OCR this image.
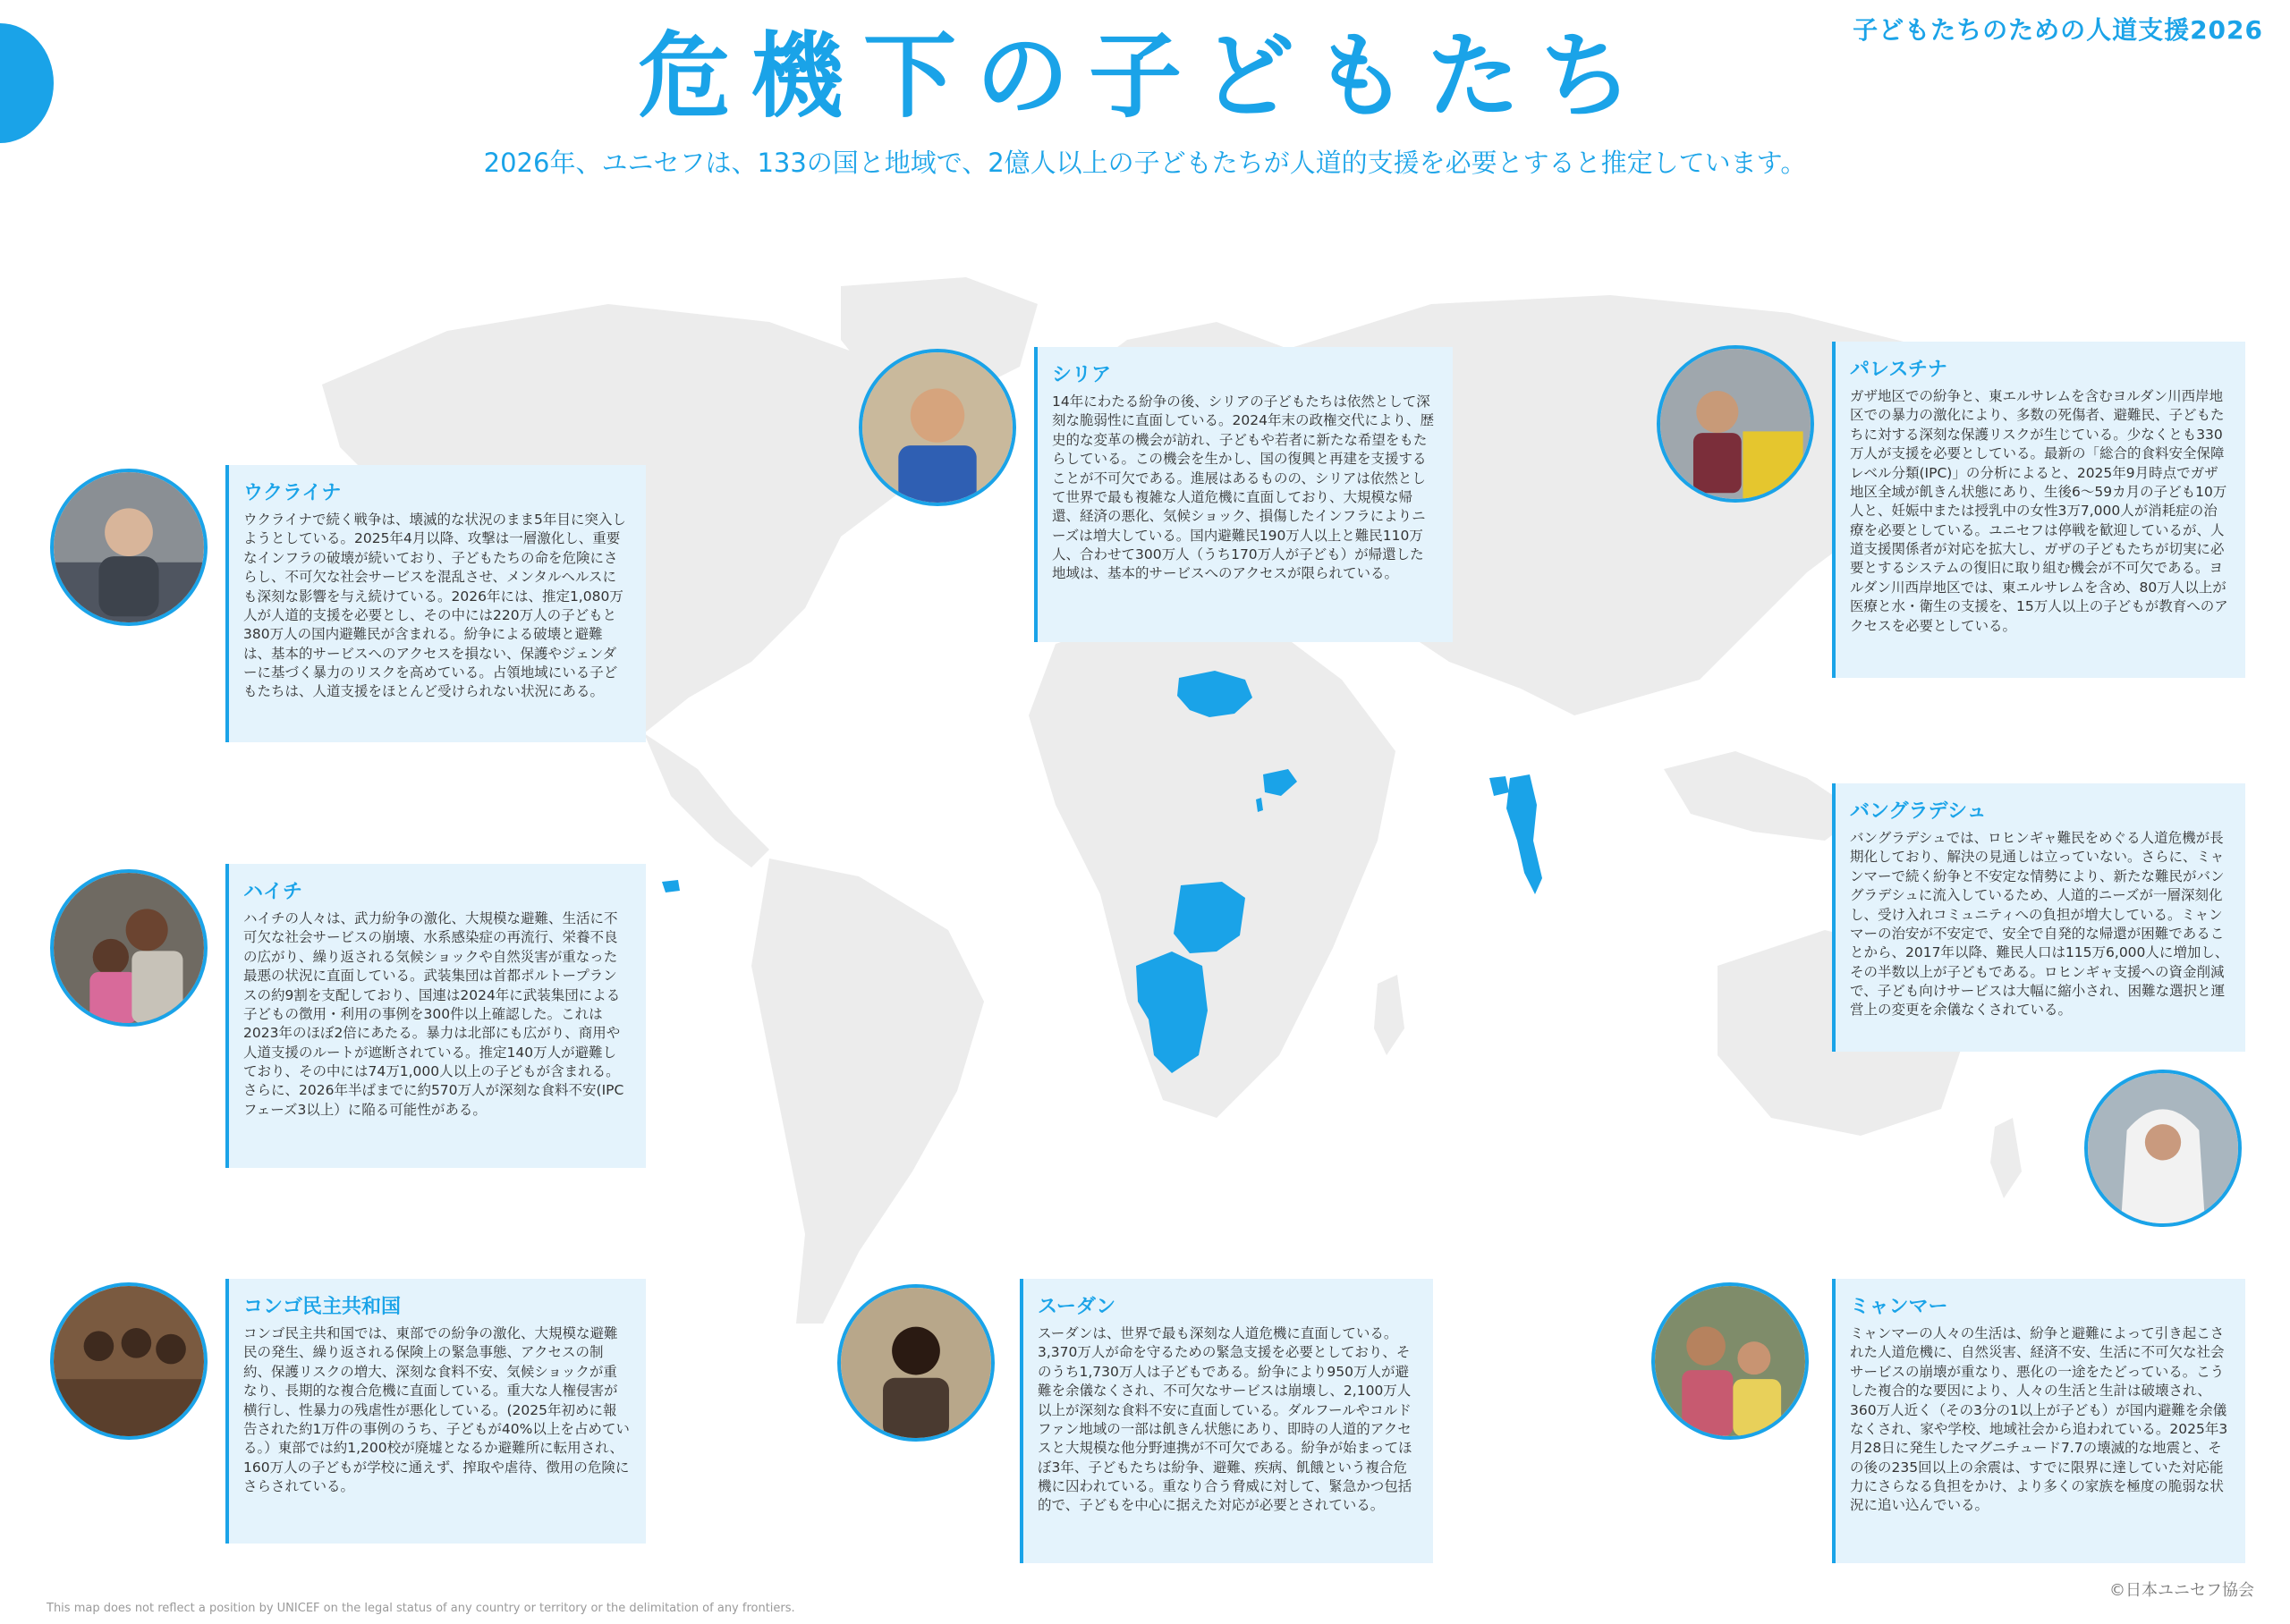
子どもたちのための人道支援2026
危機下の子どもたち
2026年、ユニセフは、133の国と地域で、2億人以上の子どもたちが人道的支援を必要とすると推定しています。
ウクライナ
ウクライナで続く戦争は、壊滅的な状況のまま5年目に突入しようとしている。2025年4月以降、攻撃は一層激化し、重要なインフラの破壊が続いており、子どもたちの命を危険にさらし、不可欠な社会サービスを混乱させ、メンタルヘルスにも深刻な影響を与え続けている。2026年には、推定1,080万人が人道的支援を必要とし、その中には220万人の子どもと380万人の国内避難民が含まれる。紛争による破壊と避難は、基本的サービスへのアクセスを損ない、保護やジェンダーに基づく暴力のリスクを高めている。占領地域にいる子どもたちは、人道支援をほとんど受けられない状況にある。
シリア
14年にわたる紛争の後、シリアの子どもたちは依然として深刻な脆弱性に直面している。2024年末の政権交代により、歴史的な変革の機会が訪れ、子どもや若者に新たな希望をもたらしている。この機会を生かし、国の復興と再建を支援することが不可欠である。進展はあるものの、シリアは依然として世界で最も複雑な人道危機に直面しており、大規模な帰還、経済の悪化、気候ショック、損傷したインフラによりニーズは増大している。国内避難民190万人以上と難民110万人、合わせて300万人（うち170万人が子ども）が帰還した地域は、基本的サービスへのアクセスが限られている。
パレスチナ
ガザ地区での紛争と、東エルサレムを含むヨルダン川西岸地区での暴力の激化により、多数の死傷者、避難民、子どもたちに対する深刻な保護リスクが生じている。少なくとも330万人が支援を必要としている。最新の「総合的食料安全保障レベル分類(IPC)」の分析によると、2025年9月時点でガザ地区全域が飢きん状態にあり、生後6～59カ月の子ども10万人と、妊娠中または授乳中の女性3万7,000人が消耗症の治療を必要としている。ユニセフは停戦を歓迎しているが、人道支援関係者が対応を拡大し、ガザの子どもたちが切実に必要とするシステムの復旧に取り組む機会が不可欠である。ヨルダン川西岸地区では、東エルサレムを含め、80万人以上が医療と水・衛生の支援を、15万人以上の子どもが教育へのアクセスを必要としている。
ハイチ
ハイチの人々は、武力紛争の激化、大規模な避難、生活に不可欠な社会サービスの崩壊、水系感染症の再流行、栄養不良の広がり、繰り返される気候ショックや自然災害が重なった最悪の状況に直面している。武装集団は首都ポルトープランスの約9割を支配しており、国連は2024年に武装集団による子どもの徴用・利用の事例を300件以上確認した。これは2023年のほぼ2倍にあたる。暴力は北部にも広がり、商用や人道支援のルートが遮断されている。推定140万人が避難しており、その中には74万1,000人以上の子どもが含まれる。さらに、2026年半ばまでに約570万人が深刻な食料不安(IPCフェーズ3以上）に陥る可能性がある。
バングラデシュ
バングラデシュでは、ロヒンギャ難民をめぐる人道危機が長期化しており、解決の見通しは立っていない。さらに、ミャンマーで続く紛争と不安定な情勢により、新たな難民がバングラデシュに流入しているため、人道的ニーズが一層深刻化し、受け入れコミュニティへの負担が増大している。ミャンマーの治安が不安定で、安全で自発的な帰還が困難であることから、2017年以降、難民人口は115万6,000人に増加し、その半数以上が子どもである。ロヒンギャ支援への資金削減で、子ども向けサービスは大幅に縮小され、困難な選択と運営上の変更を余儀なくされている。
コンゴ民主共和国
コンゴ民主共和国では、東部での紛争の激化、大規模な避難民の発生、繰り返される保険上の緊急事態、アクセスの制約、保護リスクの増大、深刻な食料不安、気候ショックが重なり、長期的な複合危機に直面している。重大な人権侵害が横行し、性暴力の残虐性が悪化している。(2025年初めに報告された約1万件の事例のうち、子どもが40%以上を占めている。）東部では約1,200校が廃墟となるか避難所に転用され、160万人の子どもが学校に通えず、搾取や虐待、徴用の危険にさらされている。
スーダン
スーダンは、世界で最も深刻な人道危機に直面している。3,370万人が命を守るための緊急支援を必要としており、そのうち1,730万人は子どもである。紛争により950万人が避難を余儀なくされ、不可欠なサービスは崩壊し、2,100万人以上が深刻な食料不安に直面している。ダルフールやコルドファン地域の一部は飢きん状態にあり、即時の人道的アクセスと大規模な他分野連携が不可欠である。紛争が始まってほぼ3年、子どもたちは紛争、避難、疾病、飢餓という複合危機に囚われている。重なり合う脅威に対して、緊急かつ包括的で、子どもを中心に据えた対応が必要とされている。
ミャンマー
ミャンマーの人々の生活は、紛争と避難によって引き起こされた人道危機に、自然災害、経済不安、生活に不可欠な社会サービスの崩壊が重なり、悪化の一途をたどっている。こうした複合的な要因により、人々の生活と生計は破壊され、360万人近く（その3分の1以上が子ども）が国内避難を余儀なくされ、家や学校、地域社会から追われている。2025年3月28日に発生したマグニチュード7.7の壊滅的な地震と、その後の235回以上の余震は、すでに限界に達していた対応能力にさらなる負担をかけ、より多くの家族を極度の脆弱な状況に追い込んでいる。
This map does not reflect a position by UNICEF on the legal status of any country or territory or the delimitation of any frontiers.
©日本ユニセフ協会
